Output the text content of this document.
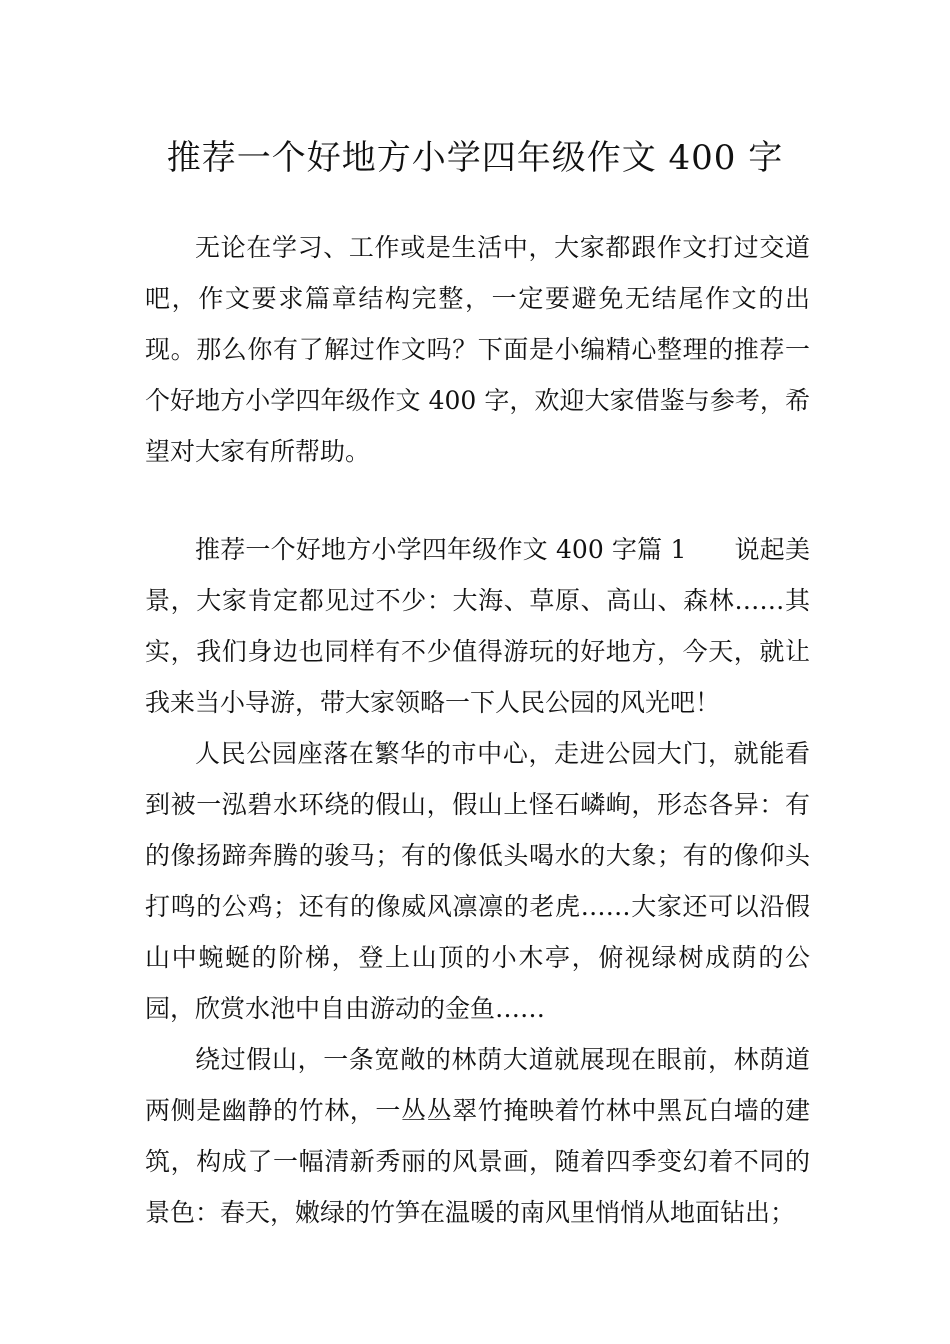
推荐一个好地方小学四年级作文 400 字

无论在学习、工作或是生活中，大家都跟作文打过交道吧，作文要求篇章结构完整，一定要避免无结尾作文的出现。那么你有了解过作文吗？下面是小编精心整理的推荐一个好地方小学四年级作文 400 字，欢迎大家借鉴与参考，希望对大家有所帮助。

推荐一个好地方小学四年级作文 400 字篇 1 说起美景，大家肯定都见过不少：大海、草原、高山、森林……其实，我们身边也同样有不少值得游玩的好地方，今天，就让我来当小导游，带大家领略一下人民公园的风光吧！

人民公园座落在繁华的市中心，走进公园大门，就能看到被一泓碧水环绕的假山，假山上怪石嶙峋，形态各异：有的像扬蹄奔腾的骏马；有的像低头喝水的大象；有的像仰头打鸣的公鸡；还有的像威风凛凛的老虎……大家还可以沿假山中蜿蜒的阶梯，登上山顶的小木亭，俯视绿树成荫的公园，欣赏水池中自由游动的金鱼……

绕过假山，一条宽敞的林荫大道就展现在眼前，林荫道两侧是幽静的竹林，一丛丛翠竹掩映着竹林中黑瓦白墙的建筑，构成了一幅清新秀丽的风景画，随着四季变幻着不同的景色：春天，嫩绿的竹笋在温暖的南风里悄悄从地面钻出；
